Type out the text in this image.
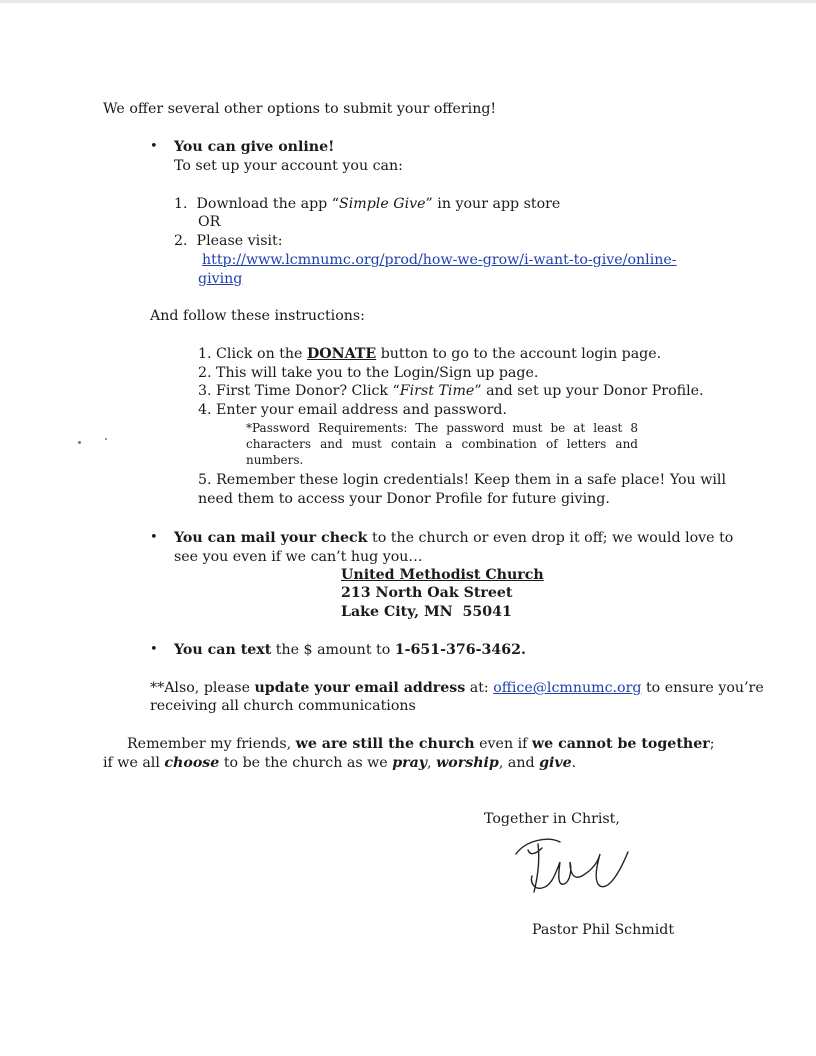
We offer several other options to submit your offering!
• You can give online!
To set up your account you can:
1. Download the app “Simple Give” in your app store
OR
2. Please visit:
http://www.lcmnumc.org/prod/how-we-grow/i-want-to-give/online-
giving
And follow these instructions:
1. Click on the DONATE button to go to the account login page.
2. This will take you to the Login/Sign up page.
3. First Time Donor? Click “First Time” and set up your Donor Profile.
4. Enter your email address and password.
*Password Requirements: The password must be at least 8 characters and must contain a combination of letters and numbers.
5. Remember these login credentials! Keep them in a safe place! You will need them to access your Donor Profile for future giving.
• You can mail your check to the church or even drop it off; we would love to see you even if we can’t hug you…
United Methodist Church
213 North Oak Street
Lake City, MN  55041
• You can text the $ amount to 1-651-376-3462.
**Also, please update your email address at: office@lcmnumc.org to ensure you’re
receiving all church communications
Remember my friends, we are still the church even if we cannot be together; if we all choose to be the church as we pray, worship, and give.
Together in Christ,
Pastor Phil Schmidt
